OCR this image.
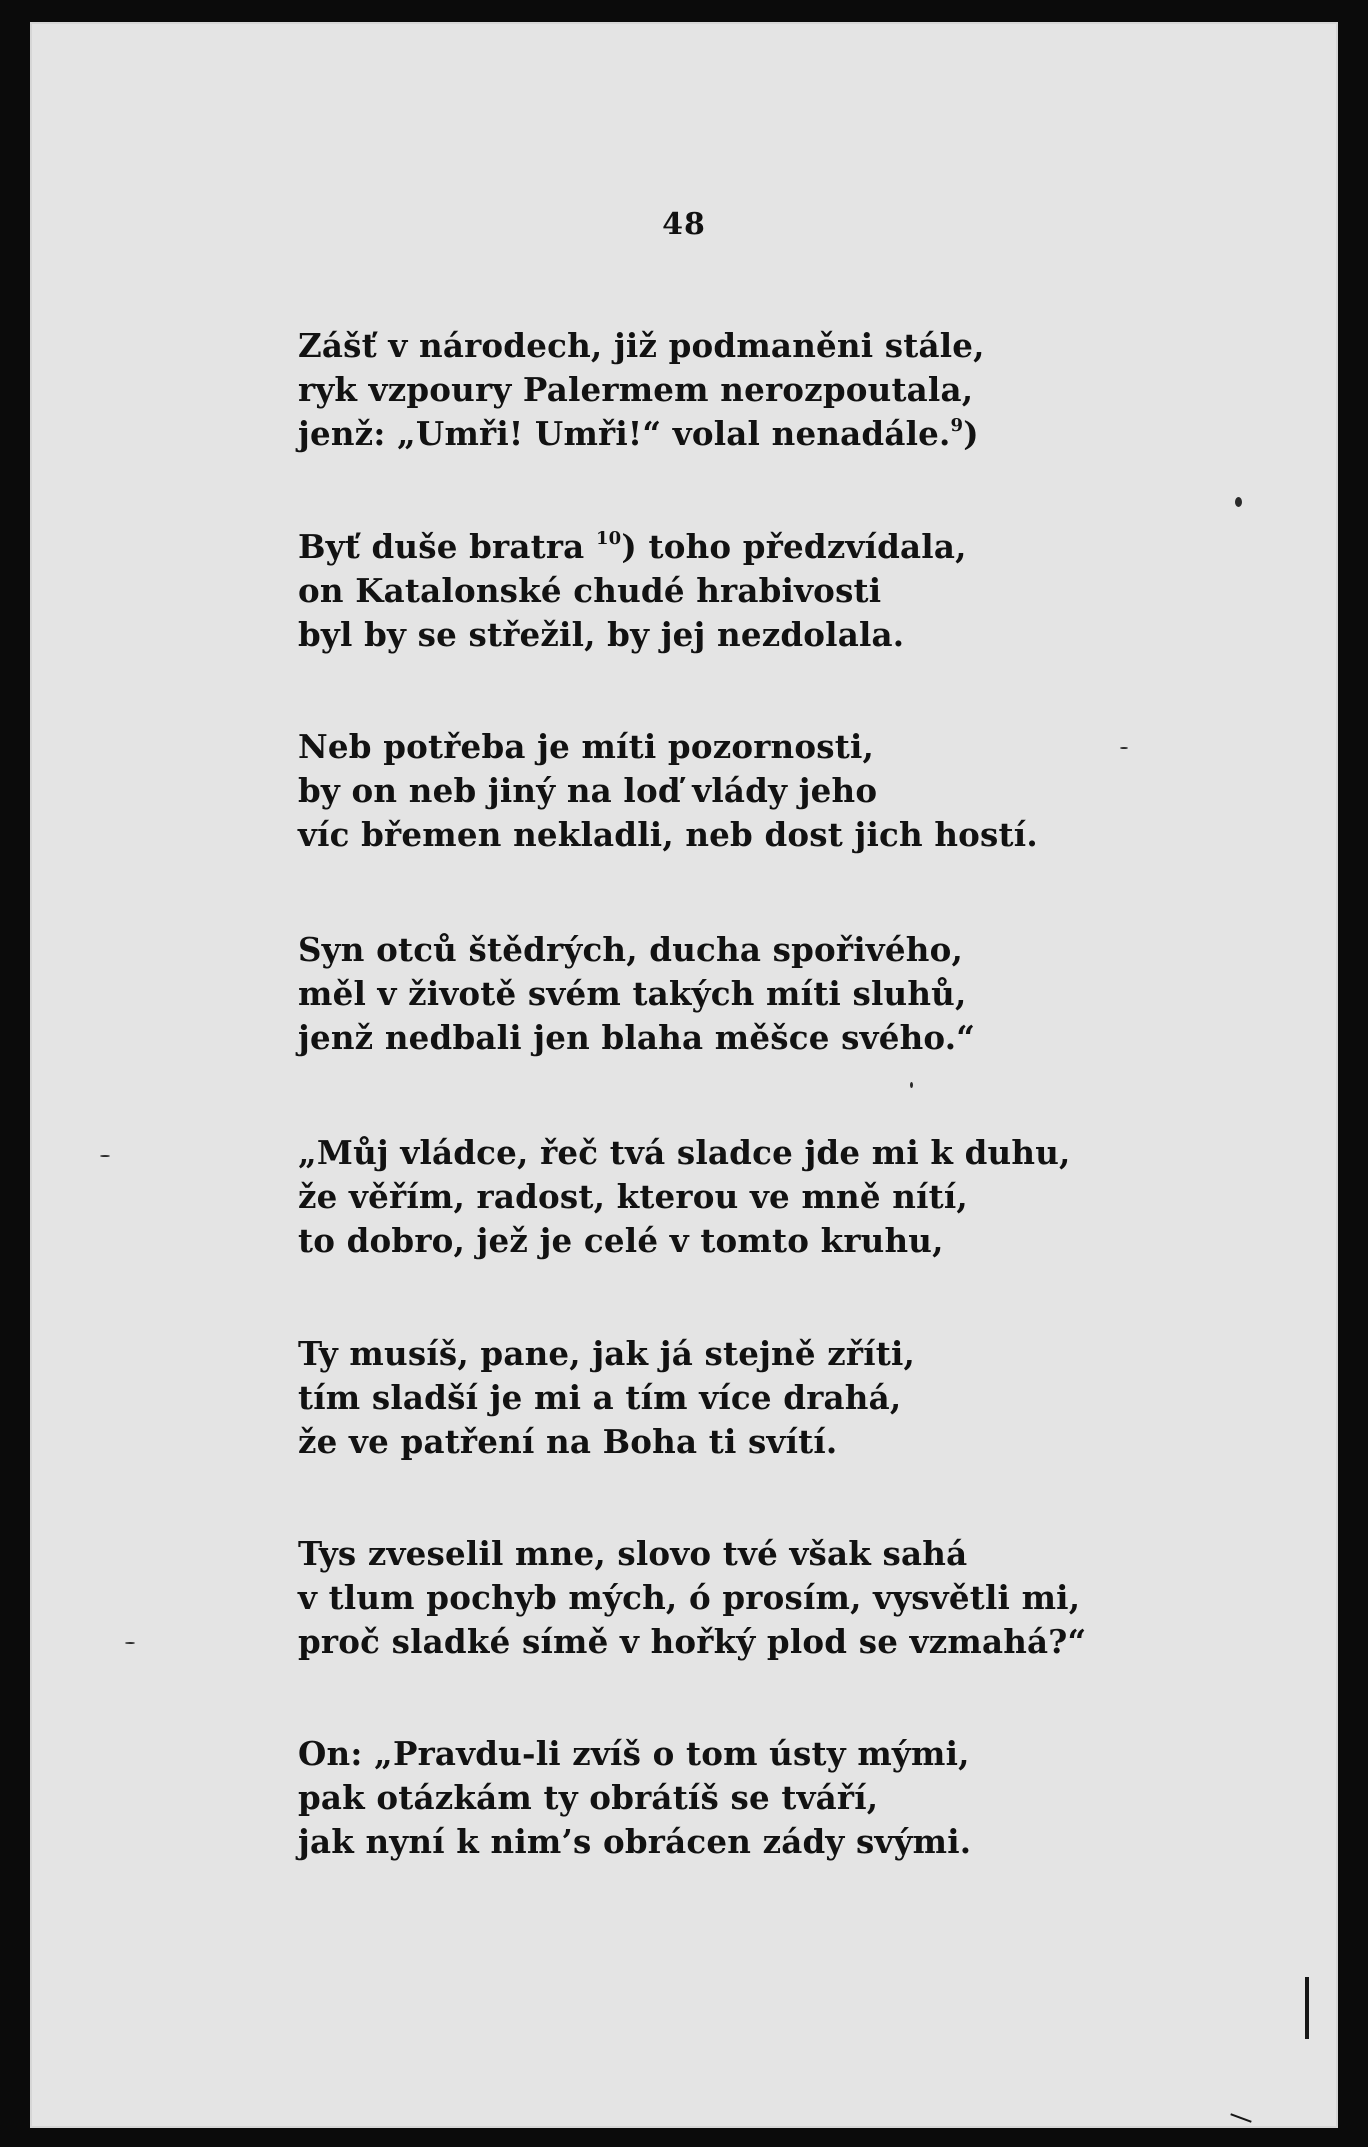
48
Zášť v národech, již podmaněni stále,
ryk vzpoury Palermem nerozpoutala,
jenž: „Umři! Umři!“ volal nenadále.$^9$)
Byť duše bratra $^{10}$) toho předzvídala,
on Katalonské chudé hrabivosti
byl by se střežil, by jej nezdolala.
Neb potřeba je míti pozornosti,
by on neb jiný na loď vlády jeho
víc břemen nekladli, neb dost jich hostí.
Syn otců štědrých, ducha spořivého,
měl v životě svém takých míti sluhů,
jenž nedbali jen blaha měšce svého.“
„Můj vládce, řeč tvá sladce jde mi k duhu,
že věřím, radost, kterou ve mně nítí,
to dobro, jež je celé v tomto kruhu,
Ty musíš, pane, jak já stejně zříti,
tím sladší je mi a tím více drahá,
že ve patření na Boha ti svítí.
Tys zveselil mne, slovo tvé však sahá
v tlum pochyb mých, ó prosím, vysvětli mi,
proč sladké símě v hořký plod se vzmahá?“
On: „Pravdu-li zvíš o tom ústy mými,
pak otázkám ty obrátíš se tváří,
jak nyní k nim’s obrácen zády svými.
